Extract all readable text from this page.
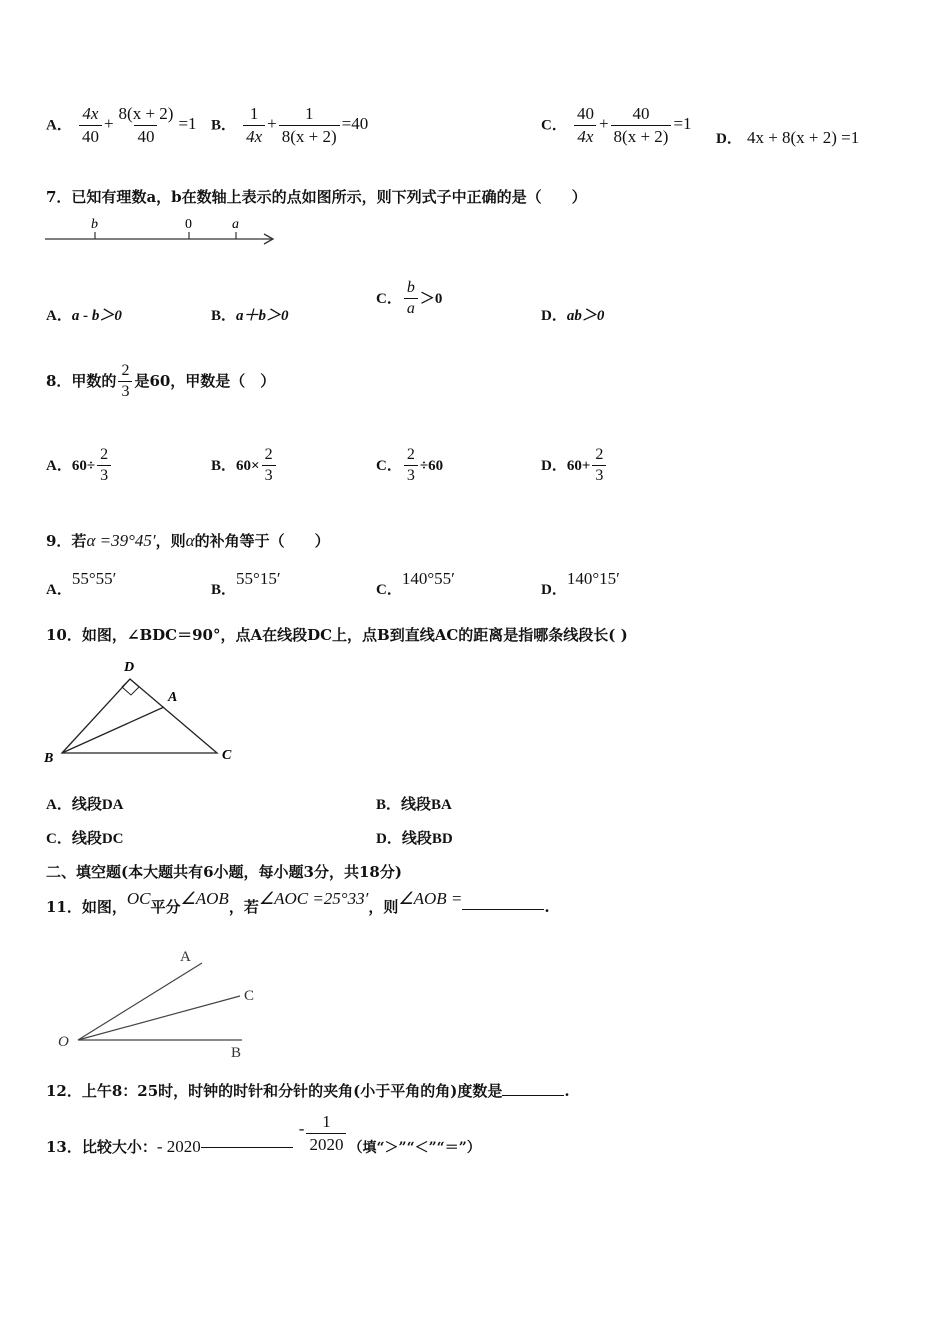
A． $\frac{4x}{40} + \frac{8(x + 2)}{40} =1$ B． $\frac{1}{4x} + \frac{1}{8(x + 2)} =40$	C． $\frac{40}{4x} + \frac{40}{8(x + 2)} =1$
D． 4x + 8(x + 2) =1
7．已知有理数a，b在数轴上表示的点如图所示，则下列式子中正确的是（　　）
b	0	a
A．a - b＞0	B．a＋b＞0
C． $\frac{b}{a} >0$
D．ab＞0
8．甲数的 $\frac{2}{3}$ 是60，甲数是（　）
A．$60\div \frac{2}{3}$	B．$60\times \frac{2}{3}$	C． $\frac{2}{3} \div 60$	D．$60+ \frac{2}{3}$
9．若α =39°45′，则α的补角等于（　　）
A．55°55′
B．55°15′
C．140°55′
D．140°15′
10．如图，∠BDC＝90°，点A在线段DC上，点B到直线AC的距离是指哪条线段长( )
D
A
B	C
A．线段DA	B．线段BA
C．线段DC	D．线段BD
二、填空题(本大题共有6小题，每小题3分，共18分)
11．如图，OC平分∠AOB，若∠AOC =25°33′，则∠AOB =	.
A
C
O
B
12．上午8：25时，时钟的时针和分针的夹角(小于平角的角)度数是	.
13．比较大小：- $2020- \frac{1}{2020}$ （填“＞”“＜”“＝”）
